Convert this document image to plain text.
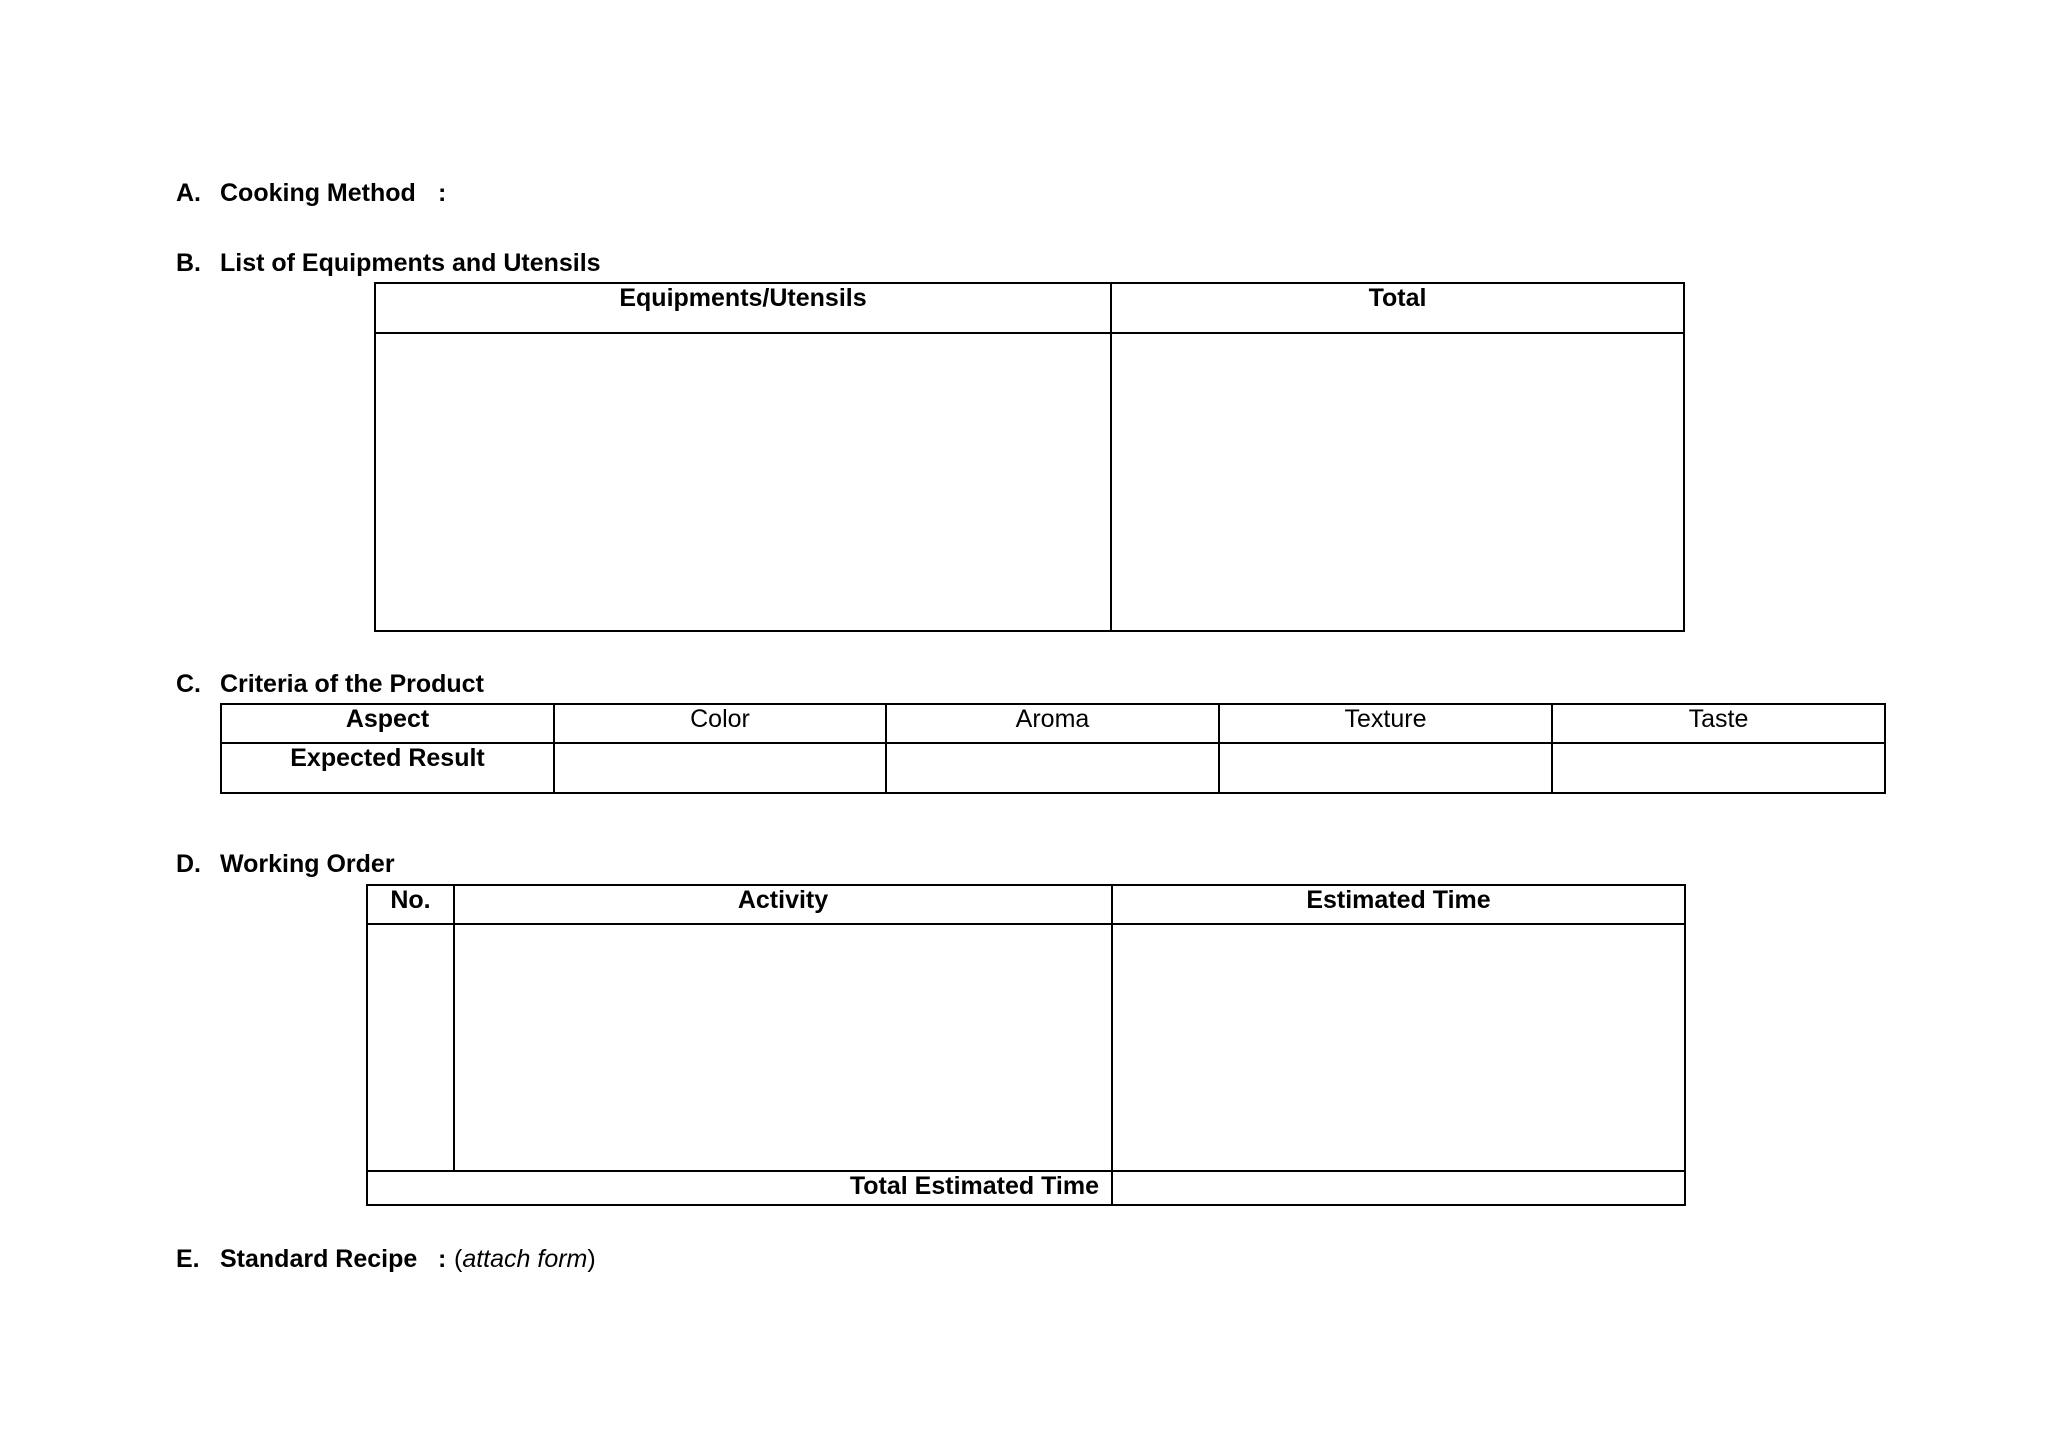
A. Cooking Method :
B. List of Equipments and Utensils
Equipments/Utensils	Total

C. Criteria of the Product
Aspect	Color	Aroma	Texture	Taste
Expected Result				
D. Working Order
No.	Activity	Estimated Time

Total Estimated Time		
E. Standard Recipe : (attach form)
